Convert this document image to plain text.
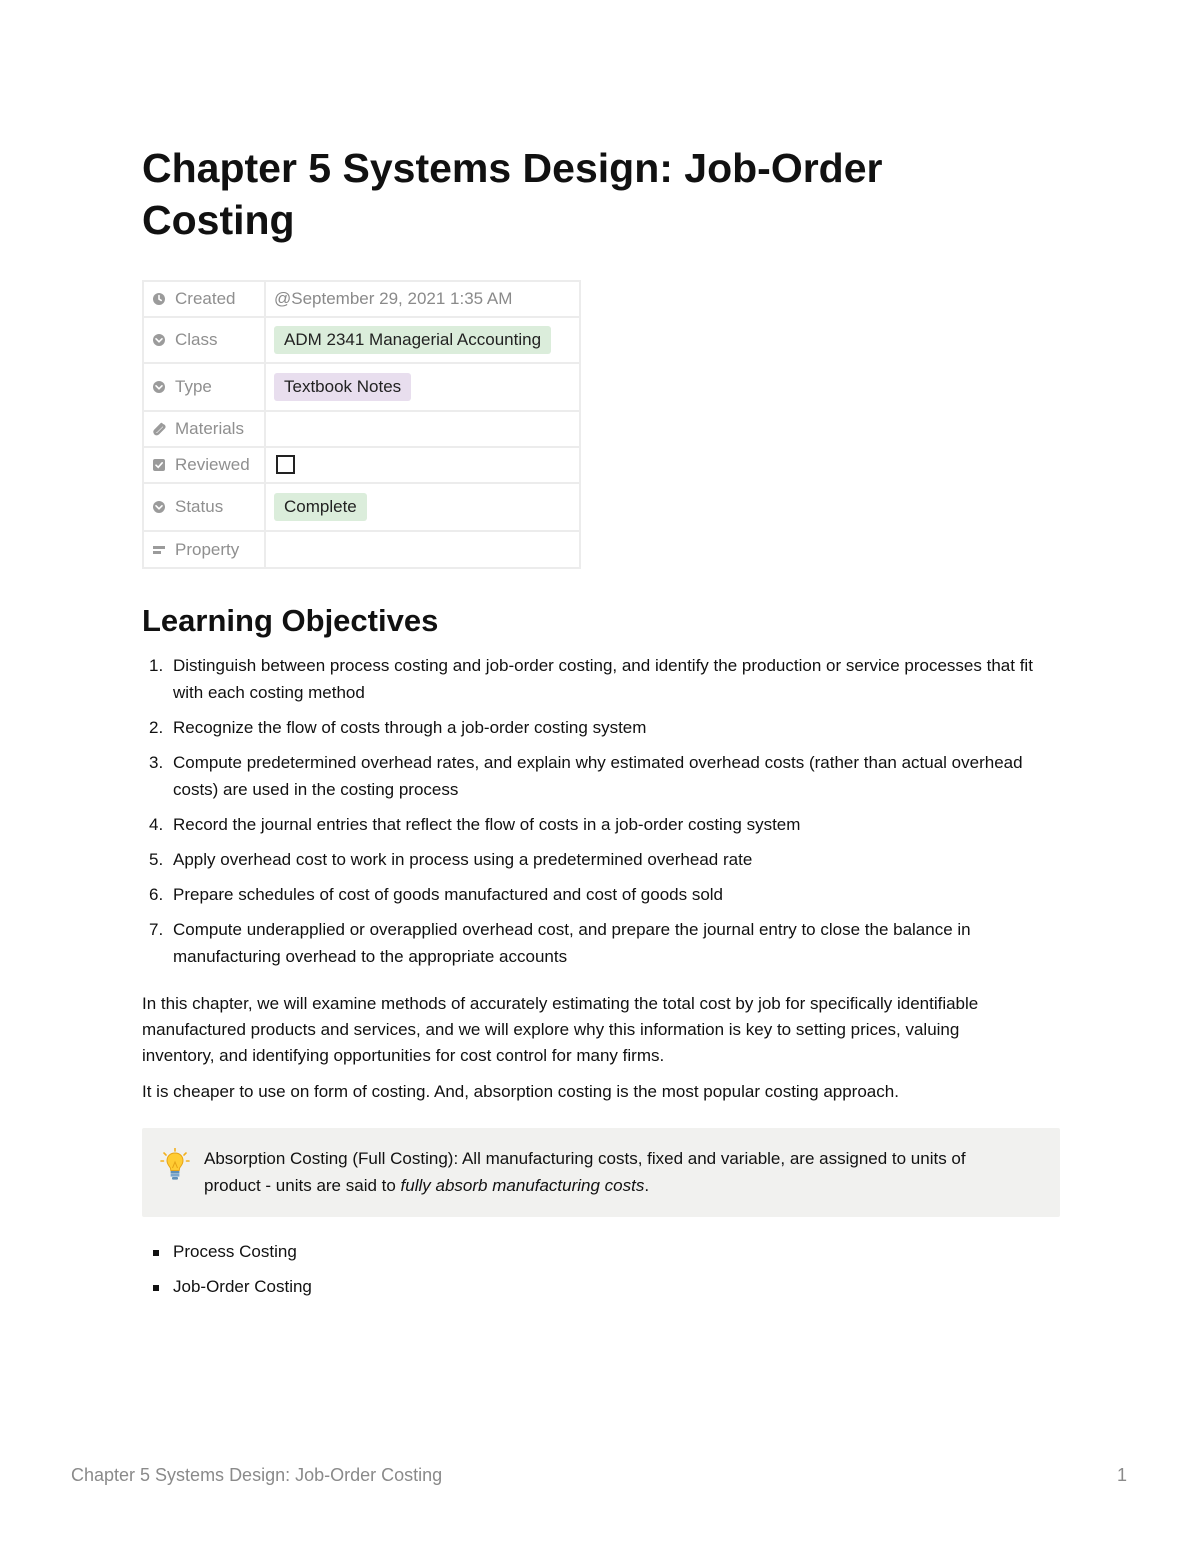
Chapter 5 Systems Design: Job-Order Costing
Created	@September 29, 2021 1:35 AM
Class	ADM 2341 Managerial Accounting
Type	Textbook Notes
Materials	
Reviewed	
Status	Complete
Property	
Learning Objectives
1. Distinguish between process costing and job-order costing, and identify the production or service processes that fit with each costing method
2. Recognize the flow of costs through a job-order costing system
3. Compute predetermined overhead rates, and explain why estimated overhead costs (rather than actual overhead costs) are used in the costing process
4. Record the journal entries that reflect the flow of costs in a job-order costing system
5. Apply overhead cost to work in process using a predetermined overhead rate
6. Prepare schedules of cost of goods manufactured and cost of goods sold
7. Compute underapplied or overapplied overhead cost, and prepare the journal entry to close the balance in manufacturing overhead to the appropriate accounts

In this chapter, we will examine methods of accurately estimating the total cost by job for specifically identifiable manufactured products and services, and we will explore why this information is key to setting prices, valuing inventory, and identifying opportunities for cost control for many firms.

It is cheaper to use on form of costing. And, absorption costing is the most popular costing approach.

Absorption Costing (Full Costing): All manufacturing costs, fixed and variable, are assigned to units of product - units are said to fully absorb manufacturing costs.
Process Costing
Job-Order Costing
Chapter 5 Systems Design: Job-Order Costing	1
